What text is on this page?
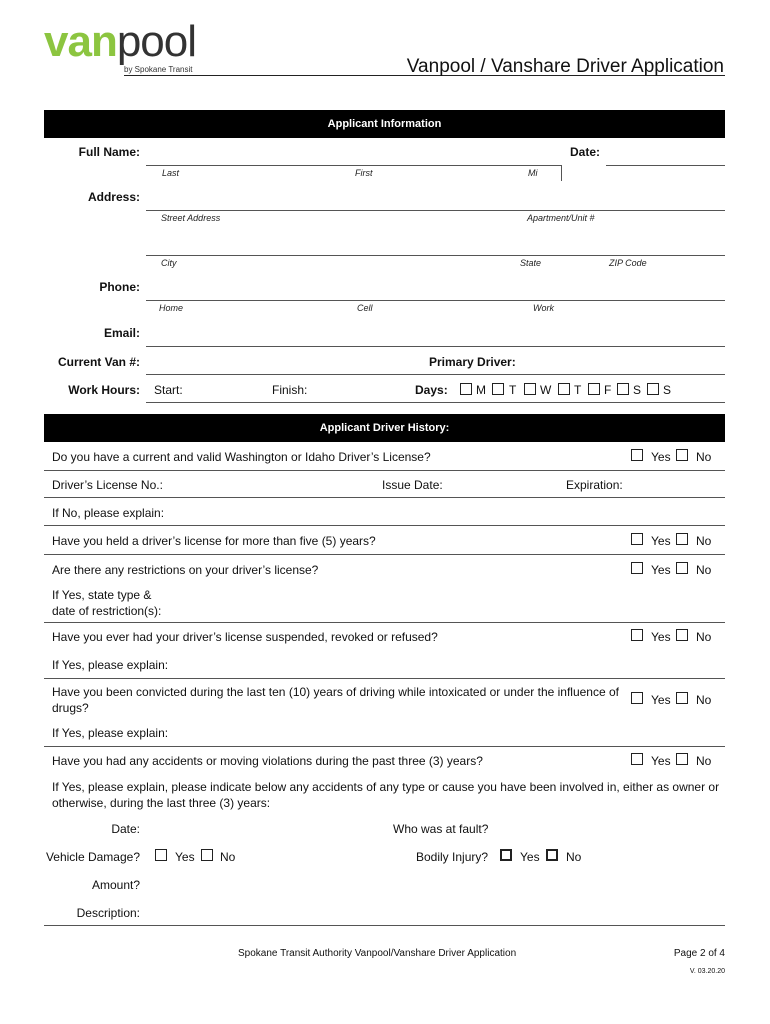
vanpool
by Spokane Transit	Vanpool / Vanshare Driver Application
Applicant Information
Full Name:	Date:
Last	First	Mi
Address:
Street Address	Apartment/Unit #
City	State	ZIP Code
Phone:
Home	Cell	Work
Email:
Current Van #:	Primary Driver:
Work Hours: Start:	Finish:	Days: M T W T F S S
Applicant Driver History:
Do you have a current and valid Washington or Idaho Driver’s License?	Yes No
Driver’s License No.:	Issue Date:	Expiration:
If No, please explain:
Have you held a driver’s license for more than five (5) years?	Yes No
Are there any restrictions on your driver’s license?	Yes No
If Yes, state type &
date of restriction(s):
Have you ever had your driver’s license suspended, revoked or refused?	Yes No
If Yes, please explain:
Have you been convicted during the last ten (10) years of driving while intoxicated or under the influence of
drugs?
Yes No
If Yes, please explain:
Have you had any accidents or moving violations during the past three (3) years?	Yes No
If Yes, please explain, please indicate below any accidents of any type or cause you have been involved in, either as owner or
otherwise, during the last three (3) years:
Date:	Who was at fault?
Vehicle Damage?	Yes No	Bodily Injury?	Yes No
Amount?
Description:
Spokane Transit Authority Vanpool/Vanshare Driver Application	Page 2 of 4
V. 03.20.20
